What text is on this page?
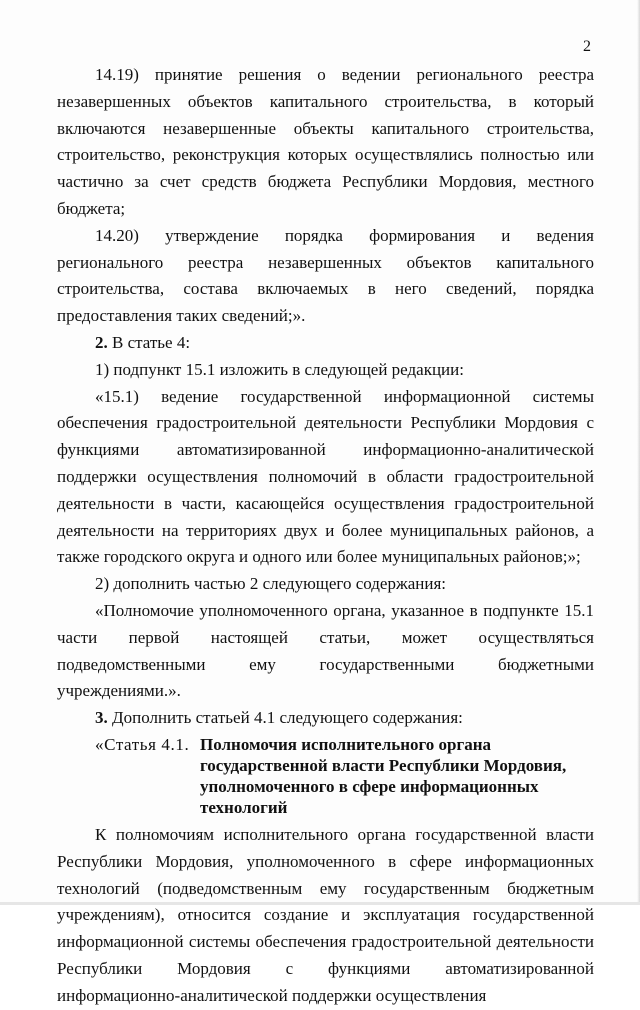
2

14.19) принятие решения о ведении регионального реестра незавершенных объектов капитального строительства, в который включаются незавершенные объекты капитального строительства, строительство, реконструкция которых осуществлялись полностью или частично за счет средств бюджета Республики Мордовия, местного бюджета;

14.20) утверждение порядка формирования и ведения регионального реестра незавершенных объектов капитального строительства, состава включаемых в него сведений, порядка предоставления таких сведений;».

2. В статье 4:

1) подпункт 15.1 изложить в следующей редакции:

«15.1) ведение государственной информационной системы обеспечения градостроительной деятельности Республики Мордовия с функциями автоматизированной информационно-аналитической поддержки осуществления полномочий в области градостроительной деятельности в части, касающейся осуществления градостроительной деятельности на территориях двух и более муниципальных районов, а также городского округа и одного или более муниципальных районов;»;

2) дополнить частью 2 следующего содержания:

«Полномочие уполномоченного органа, указанное в подпункте 15.1 части первой настоящей статьи, может осуществляться подведомственными ему государственными бюджетными учреждениями.».

3. Дополнить статьей 4.1 следующего содержания:

«Статья 4.1. Полномочия исполнительного органа государственной власти Республики Мордовия, уполномоченного в сфере информационных технологий

К полномочиям исполнительного органа государственной власти Республики Мордовия, уполномоченного в сфере информационных технологий (подведомственным ему государственным бюджетным учреждениям), относится создание и эксплуатация государственной информационной системы обеспечения градостроительной деятельности Республики Мордовия с функциями автоматизированной информационно-аналитической поддержки осуществления
